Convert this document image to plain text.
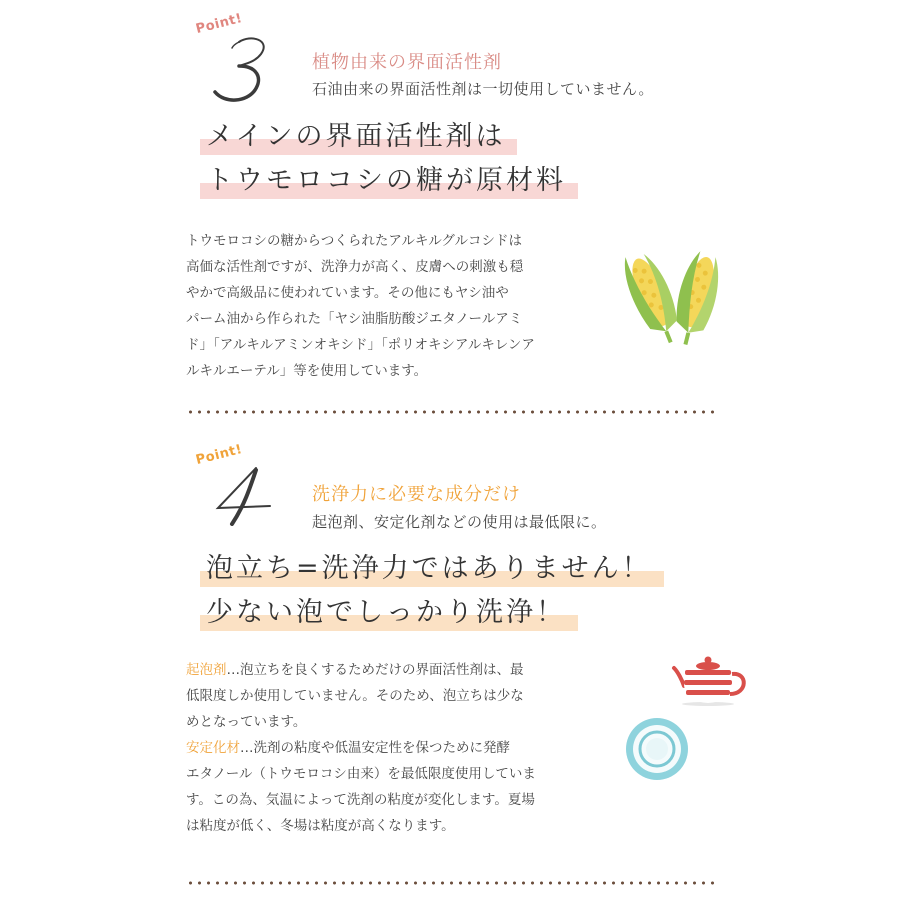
Point!
植物由来の界面活性剤
石油由来の界面活性剤は一切使用していません。
メインの界面活性剤は
トウモロコシの糖が原材料
トウモロコシの糖からつくられたアルキルグルコシドは
高価な活性剤ですが、洗浄力が高く、皮膚への刺激も穏
やかで高級品に使われています。その他にもヤシ油や
パーム油から作られた「ヤシ油脂肪酸ジエタノールアミ
ド」「アルキルアミンオキシド」「ポリオキシアルキレンア
ルキルエーテル」等を使用しています。
Point!
洗浄力に必要な成分だけ
起泡剤、安定化剤などの使用は最低限に。
泡立ち=洗浄力ではありません！
少ない泡でしっかり洗浄！
起泡剤…泡立ちを良くするためだけの界面活性剤は、最
低限度しか使用していません。そのため、泡立ちは少な
めとなっています。
安定化材…洗剤の粘度や低温安定性を保つために発酵
エタノール（トウモロコシ由来）を最低限度使用していま
す。この為、気温によって洗剤の粘度が変化します。夏場
は粘度が低く、冬場は粘度が高くなります。
